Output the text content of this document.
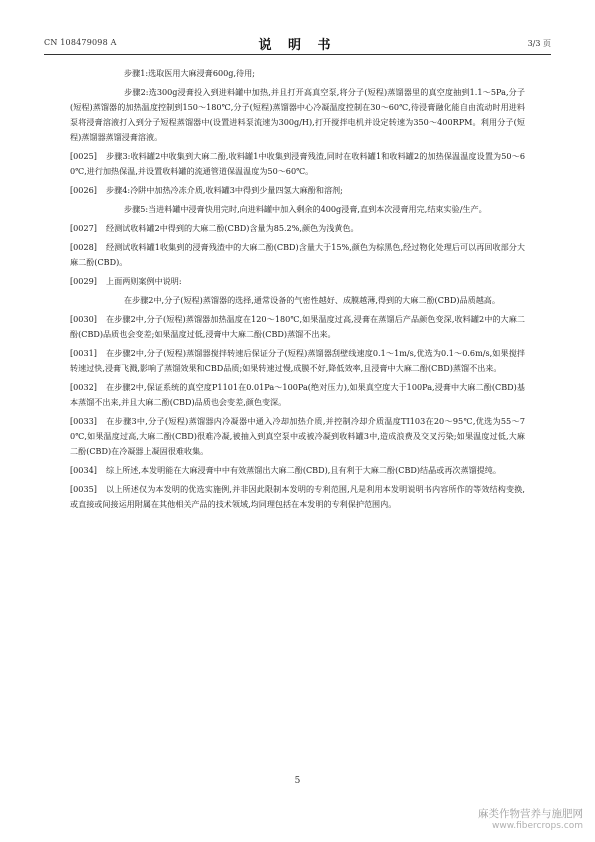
CN 108479098 A	说 明 书	3/3 页

步骤1:选取医用大麻浸膏600g,待用;

步骤2:选300g浸膏投入到进料罐中加热,并且打开高真空泵,将分子(短程)蒸馏器里的真空度抽到1.1～5Pa,分子(短程)蒸馏器的加热温度控制到150～180℃,分子(短程)蒸馏器中心冷凝温度控制在30～60℃,待浸膏融化能自由流动时用进料泵将浸膏溶液打入到分子短程蒸馏器中(设置进料泵流速为300g/H),打开搅拌电机并设定转速为350～400RPM。利用分子(短程)蒸馏器蒸馏浸膏溶液。

[0025] 步骤3:收料罐2中收集到大麻二酚,收料罐1中收集到浸膏残渣,同时在收料罐1和收料罐2的加热保温温度设置为50～60℃,进行加热保温,并设置收料罐的流通管道保温温度为50～60℃。

[0026] 步骤4:冷阱中加热冷冻介质,收料罐3中得到少量四氢大麻酚和溶剂;

步骤5:当进料罐中浸膏快用完时,向进料罐中加入剩余的400g浸膏,直到本次浸膏用完,结束实验/生产。

[0027] 经测试收料罐2中得到的大麻二酚(CBD)含量为85.2%,颜色为浅黄色。

[0028] 经测试收料罐1收集到的浸膏残渣中的大麻二酚(CBD)含量大于15%,颜色为棕黑色,经过物化处理后可以再回收部分大麻二酚(CBD)。

[0029] 上面两则案例中说明:

在步骤2中,分子(短程)蒸馏器的选择,通常设备的气密性越好、成膜越薄,得到的大麻二酚(CBD)品质越高。

[0030] 在步骤2中,分子(短程)蒸馏器加热温度在120～180℃,如果温度过高,浸膏在蒸馏后产品颜色变深,收料罐2中的大麻二酚(CBD)品质也会变差;如果温度过低,浸膏中大麻二酚(CBD)蒸馏不出来。

[0031] 在步骤2中,分子(短程)蒸馏器搅拌转速后保证分子(短程)蒸馏器刮壁线速度0.1～1m/s,优选为0.1～0.6m/s,如果搅拌转速过快,浸膏飞溅,影响了蒸馏效果和CBD品质;如果转速过慢,成膜不好,降低效率,且浸膏中大麻二酚(CBD)蒸馏不出来。

[0032] 在步骤2中,保证系统的真空度P1101在0.01Pa～100Pa(绝对压力),如果真空度大于100Pa,浸膏中大麻二酚(CBD)基本蒸馏不出来,并且大麻二酚(CBD)品质也会变差,颜色变深。

[0033] 在步骤3中,分子(短程)蒸馏器内冷凝器中通入冷却加热介质,并控制冷却介质温度TI103在20～95℃,优选为55～70℃,如果温度过高,大麻二酚(CBD)很难冷凝,被抽入到真空泵中或被冷凝到收料罐3中,造成浪费及交叉污染;如果温度过低,大麻二酚(CBD)在冷凝器上凝固很难收集。

[0034] 综上所述,本发明能在大麻浸膏中中有效蒸馏出大麻二酚(CBD),且有利于大麻二酚(CBD)结晶或再次蒸馏提纯。

[0035] 以上所述仅为本发明的优选实施例,并非因此限制本发明的专利范围,凡是利用本发明说明书内容所作的等效结构变换,或直接或间接运用附属在其他相关产品的技术领域,均同理包括在本发明的专利保护范围内。

5
麻类作物营养与施肥网
www.fibercrops.com
